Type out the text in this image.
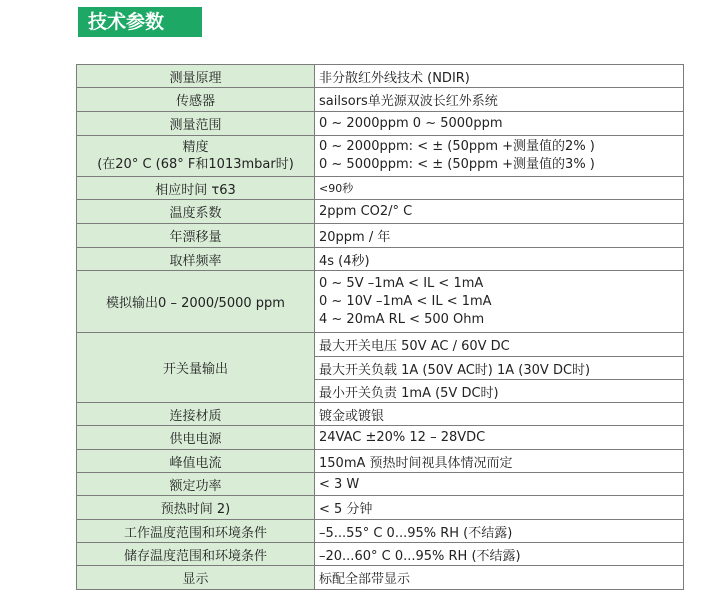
技术参数
测量原理	非分散红外线技术 (NDIR)
传感器	sailsors单光源双波长红外系统
测量范围	0 ~ 2000ppm 0 ~ 5000ppm

精度
(在20° C (68° F和1013mbar时)	0 ~ 2000ppm: < ± (50ppm +测量值的2% )
0 ~ 5000ppm: < ± (50ppm +测量值的3% )

相应时间 τ63	<90秒
温度系数	2ppm CO2/° C
年漂移量	20ppm / 年
取样频率	4s (4秒)
模拟输出0 – 2000/5000 ppm	0 ~ 5V –1mA < IL < 1mA
0 ~ 10V –1mA < IL < 1mA
4 ~ 20mA RL < 500 Ohm

开关量输出	最大开关电压 50V AC / 60V DC
	最大开关负载 1A (50V AC时) 1A (30V DC时)
	最小开关负责 1mA (5V DC时)
连接材质	镀金或镀银
供电电源	24VAC ±20% 12 – 28VDC
峰值电流	150mA 预热时间视具体情况而定
额定功率	< 3 W
预热时间 2)	< 5 分钟
工作温度范围和环境条件	–5...55° C 0...95% RH (不结露)
储存温度范围和环境条件	–20...60° C 0...95% RH (不结露)
显示	标配全部带显示
